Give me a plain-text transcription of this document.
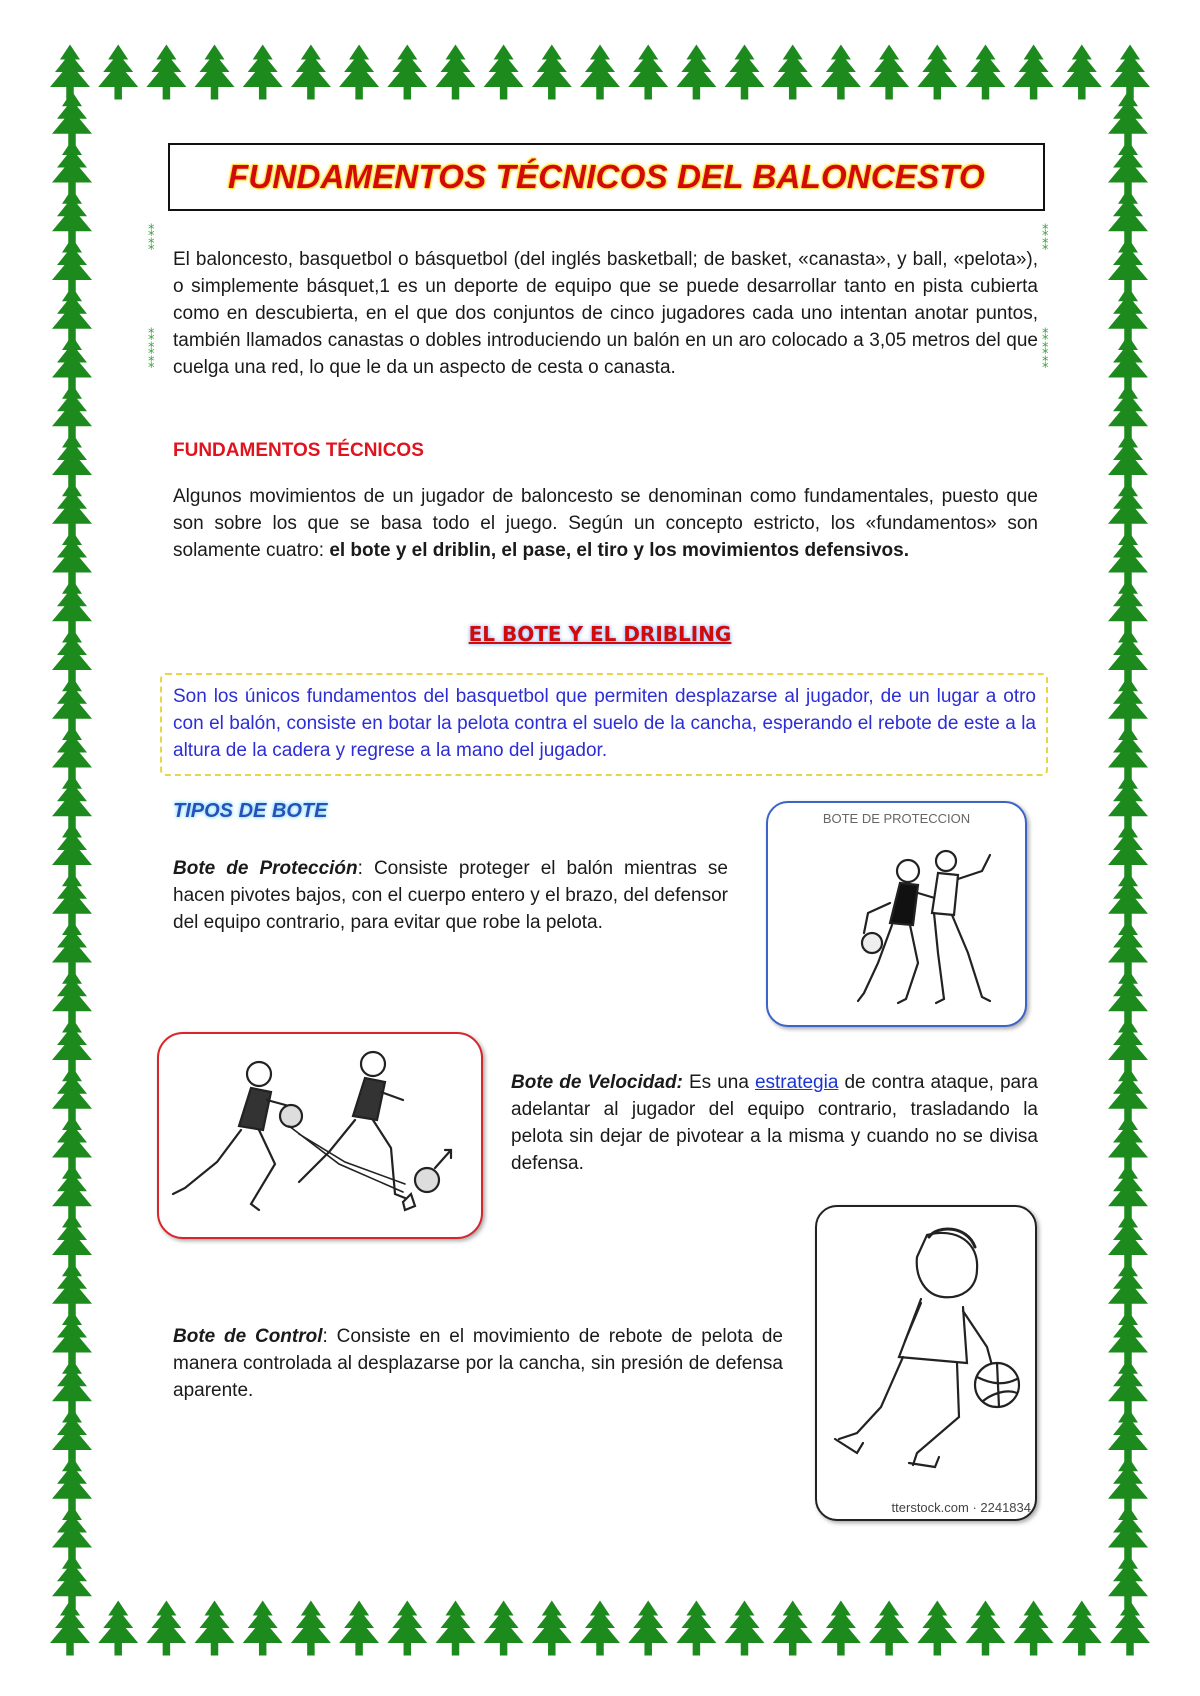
FUNDAMENTOS TÉCNICOS DEL BALONCESTO
⁑
⁑
⁑
⁑
⁑
⁑
⁑
⁑
⁑
⁑

El baloncesto, basquetbol o básquetbol (del inglés basketball; de basket, «canasta», y ball, «pelota»), o simplemente básquet,1 es un deporte de equipo que se puede desarrollar tanto en pista cubierta como en descubierta, en el que dos conjuntos de cinco jugadores cada uno intentan anotar puntos, también llamados canastas o dobles introduciendo un balón en un aro colocado a 3,05 metros del que cuelga una red, lo que le da un aspecto de cesta o canasta.

FUNDAMENTOS TÉCNICOS

Algunos movimientos de un jugador de baloncesto se denominan como fundamentales, puesto que son sobre los que se basa todo el juego. Según un concepto estricto, los «fundamentos» son solamente cuatro: el bote y el driblin, el pase, el tiro y los movimientos defensivos.

EL BOTE Y EL DRIBLING

Son los únicos fundamentos del basquetbol que permiten desplazarse al jugador, de un lugar a otro con el balón, consiste en botar la pelota contra el suelo de la cancha, esperando el rebote de este a la altura de la cadera y regrese a la mano del jugador.

TIPOS DE BOTE

Bote de Protección: Consiste proteger el balón mientras se hacen pivotes bajos, con el cuerpo entero y el brazo, del defensor del equipo contrario, para evitar que robe la pelota.

BOTE DE PROTECCION

Bote de Velocidad: Es una estrategia de contra ataque, para adelantar al jugador del equipo contrario, trasladando la pelota sin dejar de pivotear a la misma y cuando no se divisa defensa.

Bote de Control: Consiste en el movimiento de rebote de pelota de manera controlada al desplazarse por la cancha, sin presión de defensa aparente.

tterstock.com · 2241834
